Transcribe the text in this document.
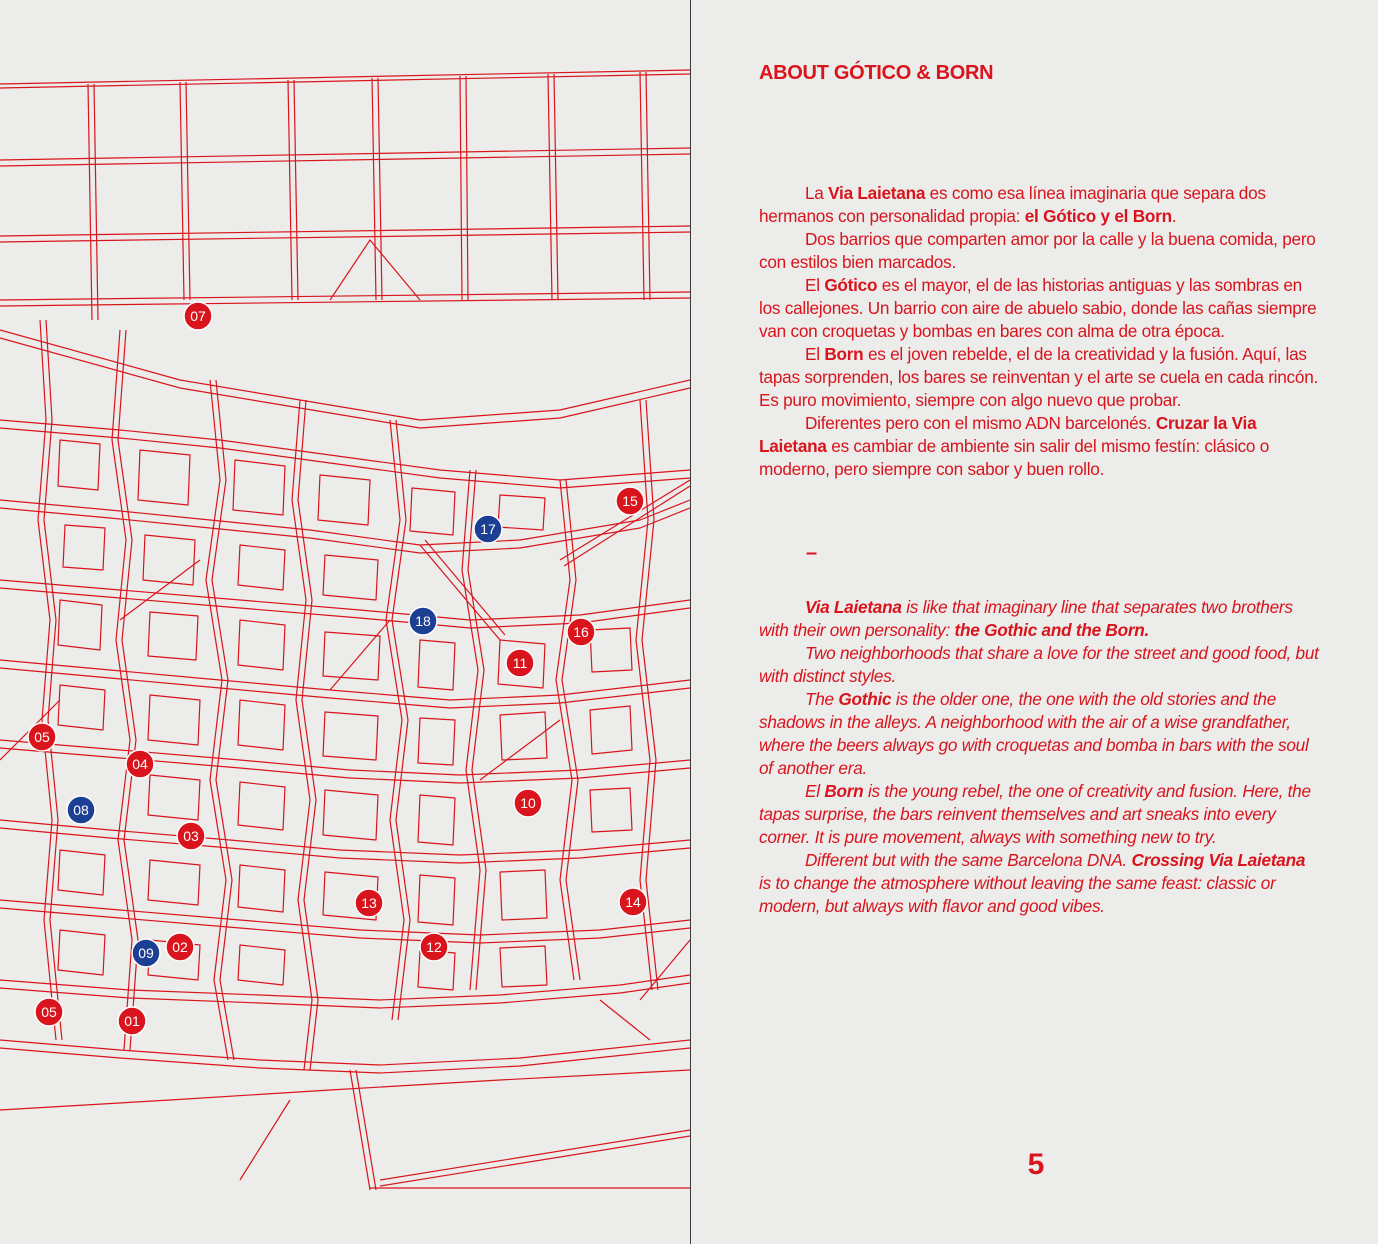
07
15
17
18
16
11
05
04
08	10
03
13	14
09 02	12
05
01
ABOUT GÓTICO & BORN

La Via Laietana es como esa línea imaginaria que separa dos hermanos con personalidad propia: el Gótico y el Born.

Dos barrios que comparten amor por la calle y la buena comida, pero con estilos bien marcados.

El Gótico es el mayor, el de las historias antiguas y las sombras en los callejones. Un barrio con aire de abuelo sabio, donde las cañas siempre van con croquetas y bombas en bares con alma de otra época.

El Born es el joven rebelde, el de la creatividad y la fusión. Aquí, las tapas sorprenden, los bares se reinventan y el arte se cuela en cada rincón. Es puro movimiento, siempre con algo nuevo que probar.

Diferentes pero con el mismo ADN barcelonés. Cruzar la Via Laietana es cambiar de ambiente sin salir del mismo festín: clásico o moderno, pero siempre con sabor y buen rollo.

–

Via Laietana is like that imaginary line that separates two brothers with their own personality: the Gothic and the Born.

Two neighborhoods that share a love for the street and good food, but with distinct styles.

The Gothic is the older one, the one with the old stories and the shadows in the alleys. A neighborhood with the air of a wise grandfather, where the beers always go with croquetas and bomba in bars with the soul of another era.

El Born is the young rebel, the one of creativity and fusion. Here, the tapas surprise, the bars reinvent themselves and art sneaks into every corner. It is pure movement, always with something new to try.

Different but with the same Barcelona DNA. Crossing Via Laietana is to change the atmosphere without leaving the same feast: classic or modern, but always with flavor and good vibes.

5
